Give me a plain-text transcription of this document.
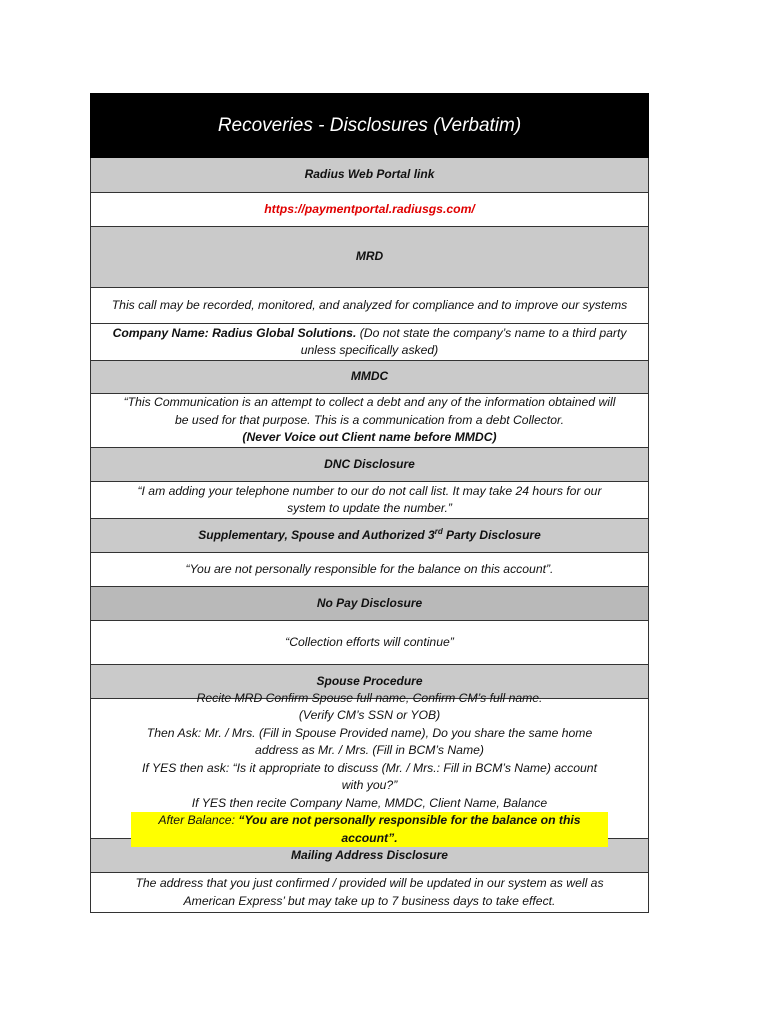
Recoveries - Disclosures (Verbatim)
Radius Web Portal link
https://paymentportal.radiusgs.com/
MRD
This call may be recorded, monitored, and analyzed for compliance and to improve our systems
Company Name: Radius Global Solutions. (Do not state the company’s name to a third party unless specifically asked)
MMDC
“This Communication is an attempt to collect a debt and any of the information obtained will be used for that purpose. This is a communication from a debt Collector.
(Never Voice out Client name before MMDC)
DNC Disclosure
“I am adding your telephone number to our do not call list. It may take 24 hours for our system to update the number.”
Supplementary, Spouse and Authorized 3rd Party Disclosure
“You are not personally responsible for the balance on this account”.
No Pay Disclosure
“Collection efforts will continue”
Spouse Procedure
Recite MRD Confirm Spouse full name, Confirm CM’s full name.
(Verify CM’s SSN or YOB)
Then Ask: Mr. / Mrs. (Fill in Spouse Provided name), Do you share the same home address as Mr. / Mrs. (Fill in BCM’s Name)
If YES then ask: “Is it appropriate to discuss (Mr. / Mrs.: Fill in BCM’s Name) account with you?”
If YES then recite Company Name, MMDC, Client Name, Balance
After Balance: “You are not personally responsible for the balance on this account”.
Mailing Address Disclosure
The address that you just confirmed / provided will be updated in our system as well as American Express’ but may take up to 7 business days to take effect.
